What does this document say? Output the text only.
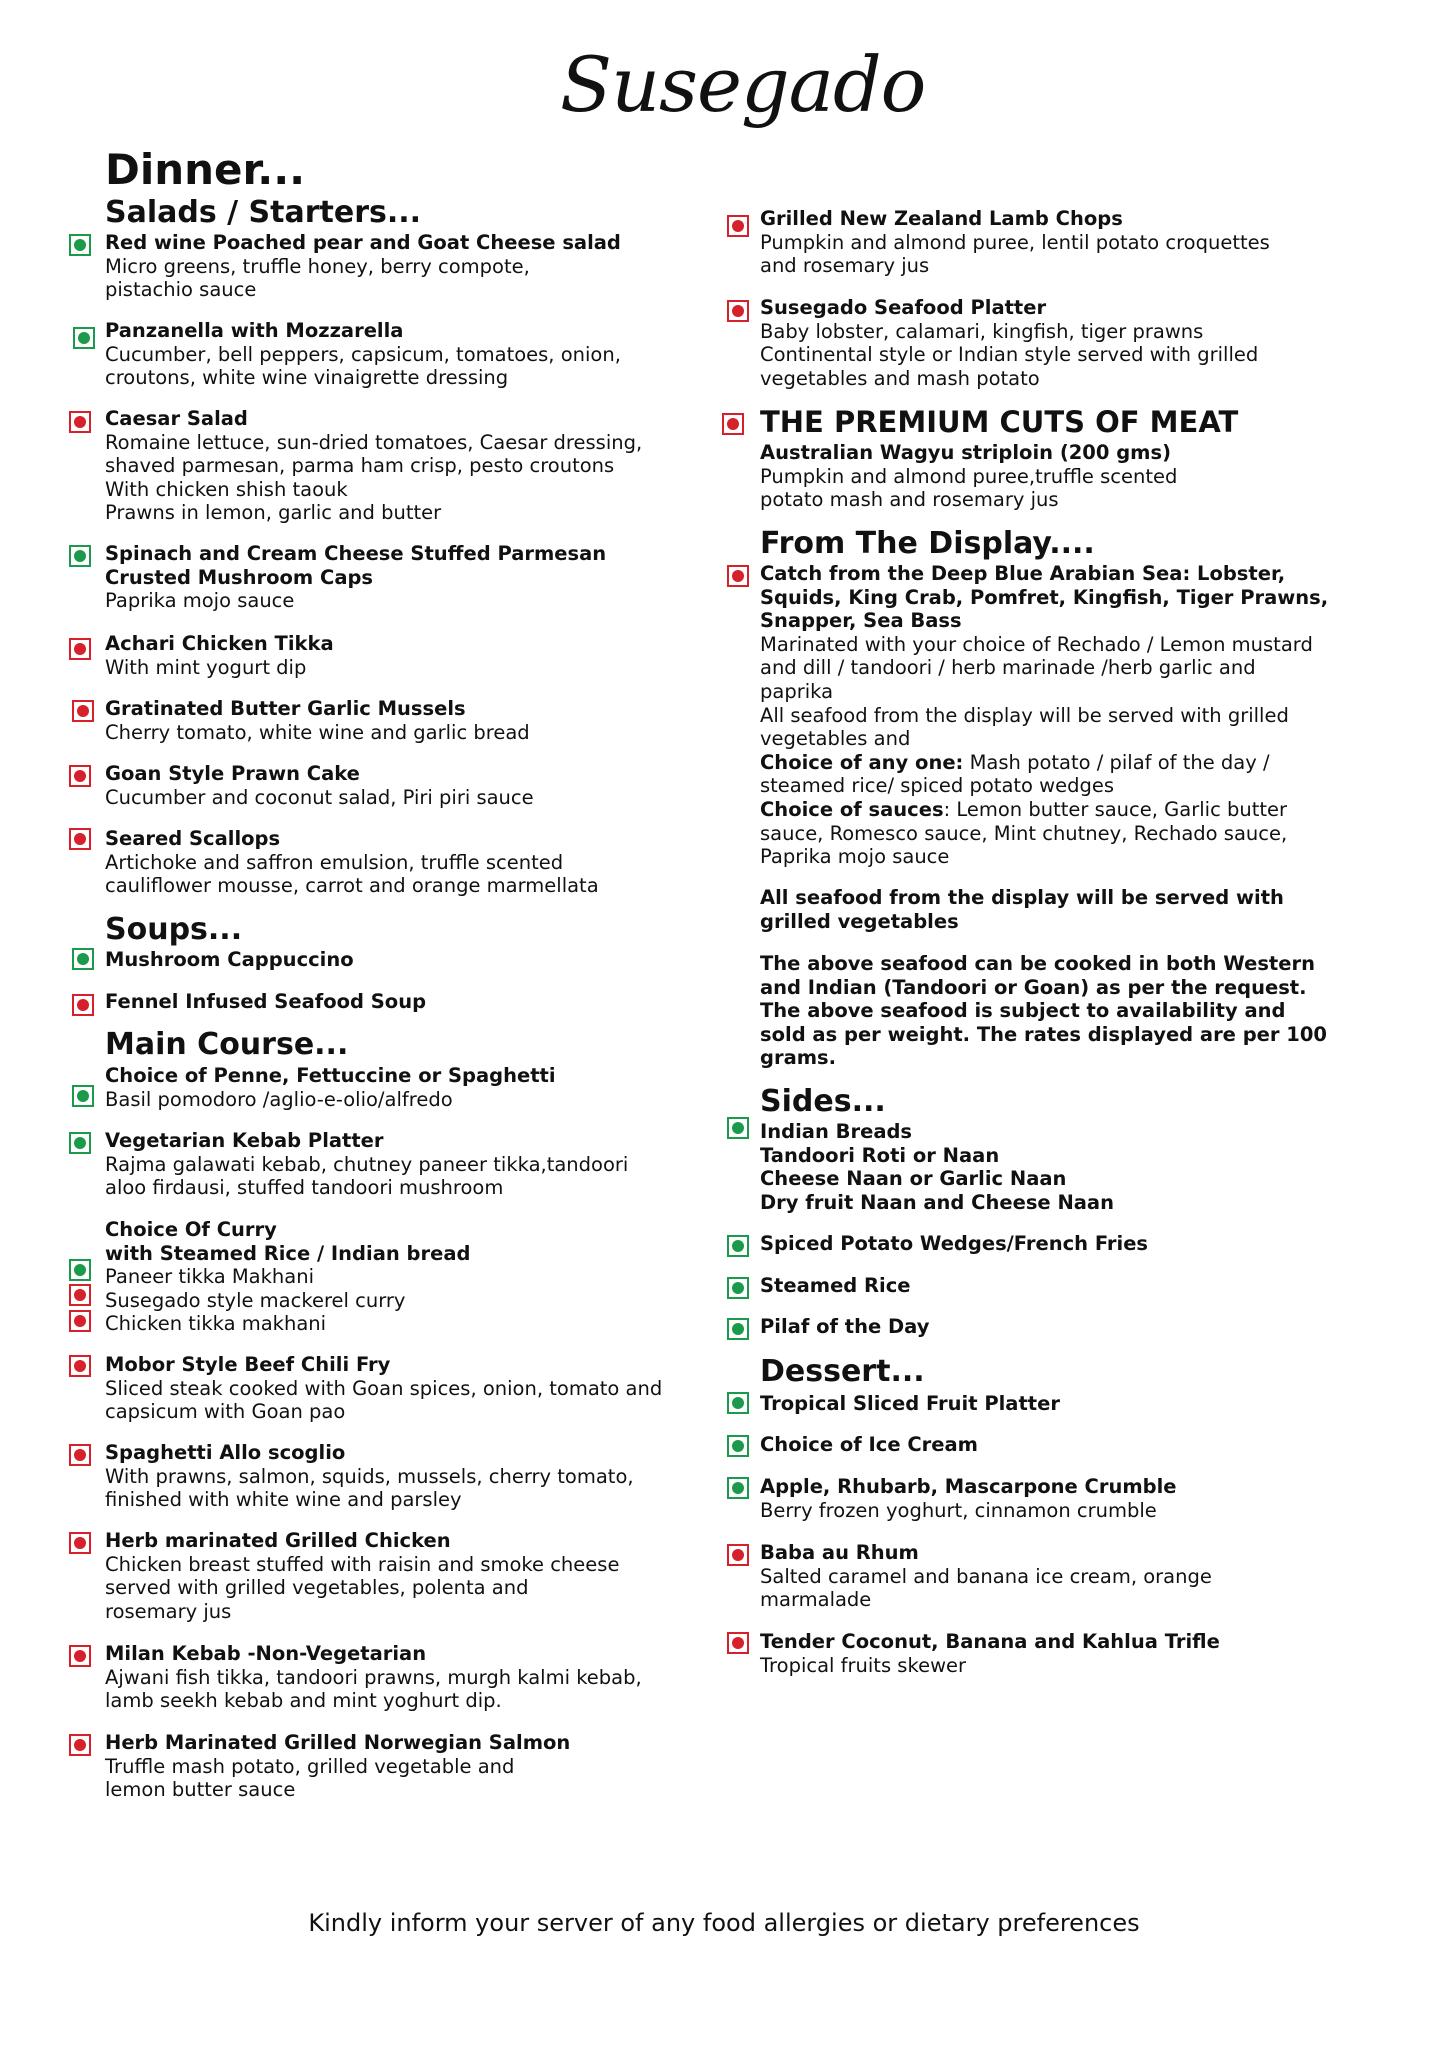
Susegado
Dinner...
Salads / Starters...
Red wine Poached pear and Goat Cheese salad
Micro greens, truffle honey, berry compote,
pistachio sauce
Panzanella with Mozzarella
Cucumber, bell peppers, capsicum, tomatoes, onion,
croutons, white wine vinaigrette dressing
Caesar Salad
Romaine lettuce, sun-dried tomatoes, Caesar dressing,
shaved parmesan, parma ham crisp, pesto croutons
With chicken shish taouk
Prawns in lemon, garlic and butter
Spinach and Cream Cheese Stuffed Parmesan
Crusted Mushroom Caps
Paprika mojo sauce
Achari Chicken Tikka
With mint yogurt dip
Gratinated Butter Garlic Mussels
Cherry tomato, white wine and garlic bread
Goan Style Prawn Cake
Cucumber and coconut salad, Piri piri sauce
Seared Scallops
Artichoke and saffron emulsion, truffle scented
cauliflower mousse, carrot and orange marmellata
Soups...
Mushroom Cappuccino
Fennel Infused Seafood Soup
Main Course...
Choice of Penne, Fettuccine or Spaghetti
Basil pomodoro /aglio-e-olio/alfredo
Vegetarian Kebab Platter
Rajma galawati kebab, chutney paneer tikka,tandoori
aloo firdausi, stuffed tandoori mushroom
Choice Of Curry
with Steamed Rice / Indian bread
Paneer tikka Makhani
Susegado style mackerel curry
Chicken tikka makhani
Mobor Style Beef Chili Fry
Sliced steak cooked with Goan spices, onion, tomato and
capsicum with Goan pao
Spaghetti Allo scoglio
With prawns, salmon, squids, mussels, cherry tomato,
finished with white wine and parsley
Herb marinated Grilled Chicken
Chicken breast stuffed with raisin and smoke cheese
served with grilled vegetables, polenta and
rosemary jus
Milan Kebab -Non-Vegetarian
Ajwani fish tikka, tandoori prawns, murgh kalmi kebab,
lamb seekh kebab and mint yoghurt dip.
Herb Marinated Grilled Norwegian Salmon
Truffle mash potato, grilled vegetable and
lemon butter sauce
Grilled New Zealand Lamb Chops
Pumpkin and almond puree, lentil potato croquettes
and rosemary jus
Susegado Seafood Platter
Baby lobster, calamari, kingfish, tiger prawns
Continental style or Indian style served with grilled
vegetables and mash potato
THE PREMIUM CUTS OF MEAT
Australian Wagyu striploin (200 gms)
Pumpkin and almond puree,truffle scented
potato mash and rosemary jus
From The Display....
Catch from the Deep Blue Arabian Sea: Lobster,
Squids, King Crab, Pomfret, Kingfish, Tiger Prawns,
Snapper, Sea Bass
Marinated with your choice of Rechado / Lemon mustard
and dill / tandoori / herb marinade /herb garlic and
paprika
All seafood from the display will be served with grilled
vegetables and
Choice of any one: Mash potato / pilaf of the day /
steamed rice/ spiced potato wedges
Choice of sauces: Lemon butter sauce, Garlic butter
sauce, Romesco sauce, Mint chutney, Rechado sauce,
Paprika mojo sauce
All seafood from the display will be served with
grilled vegetables
The above seafood can be cooked in both Western
and Indian (Tandoori or Goan) as per the request.
The above seafood is subject to availability and
sold as per weight. The rates displayed are per 100
grams.
Sides...
Indian Breads
Tandoori Roti or Naan
Cheese Naan or Garlic Naan
Dry fruit Naan and Cheese Naan
Spiced Potato Wedges/French Fries
Steamed Rice
Pilaf of the Day
Dessert...
Tropical Sliced Fruit Platter
Choice of Ice Cream
Apple, Rhubarb, Mascarpone Crumble
Berry frozen yoghurt, cinnamon crumble
Baba au Rhum
Salted caramel and banana ice cream, orange
marmalade
Tender Coconut, Banana and Kahlua Trifle
Tropical fruits skewer
Kindly inform your server of any food allergies or dietary preferences
